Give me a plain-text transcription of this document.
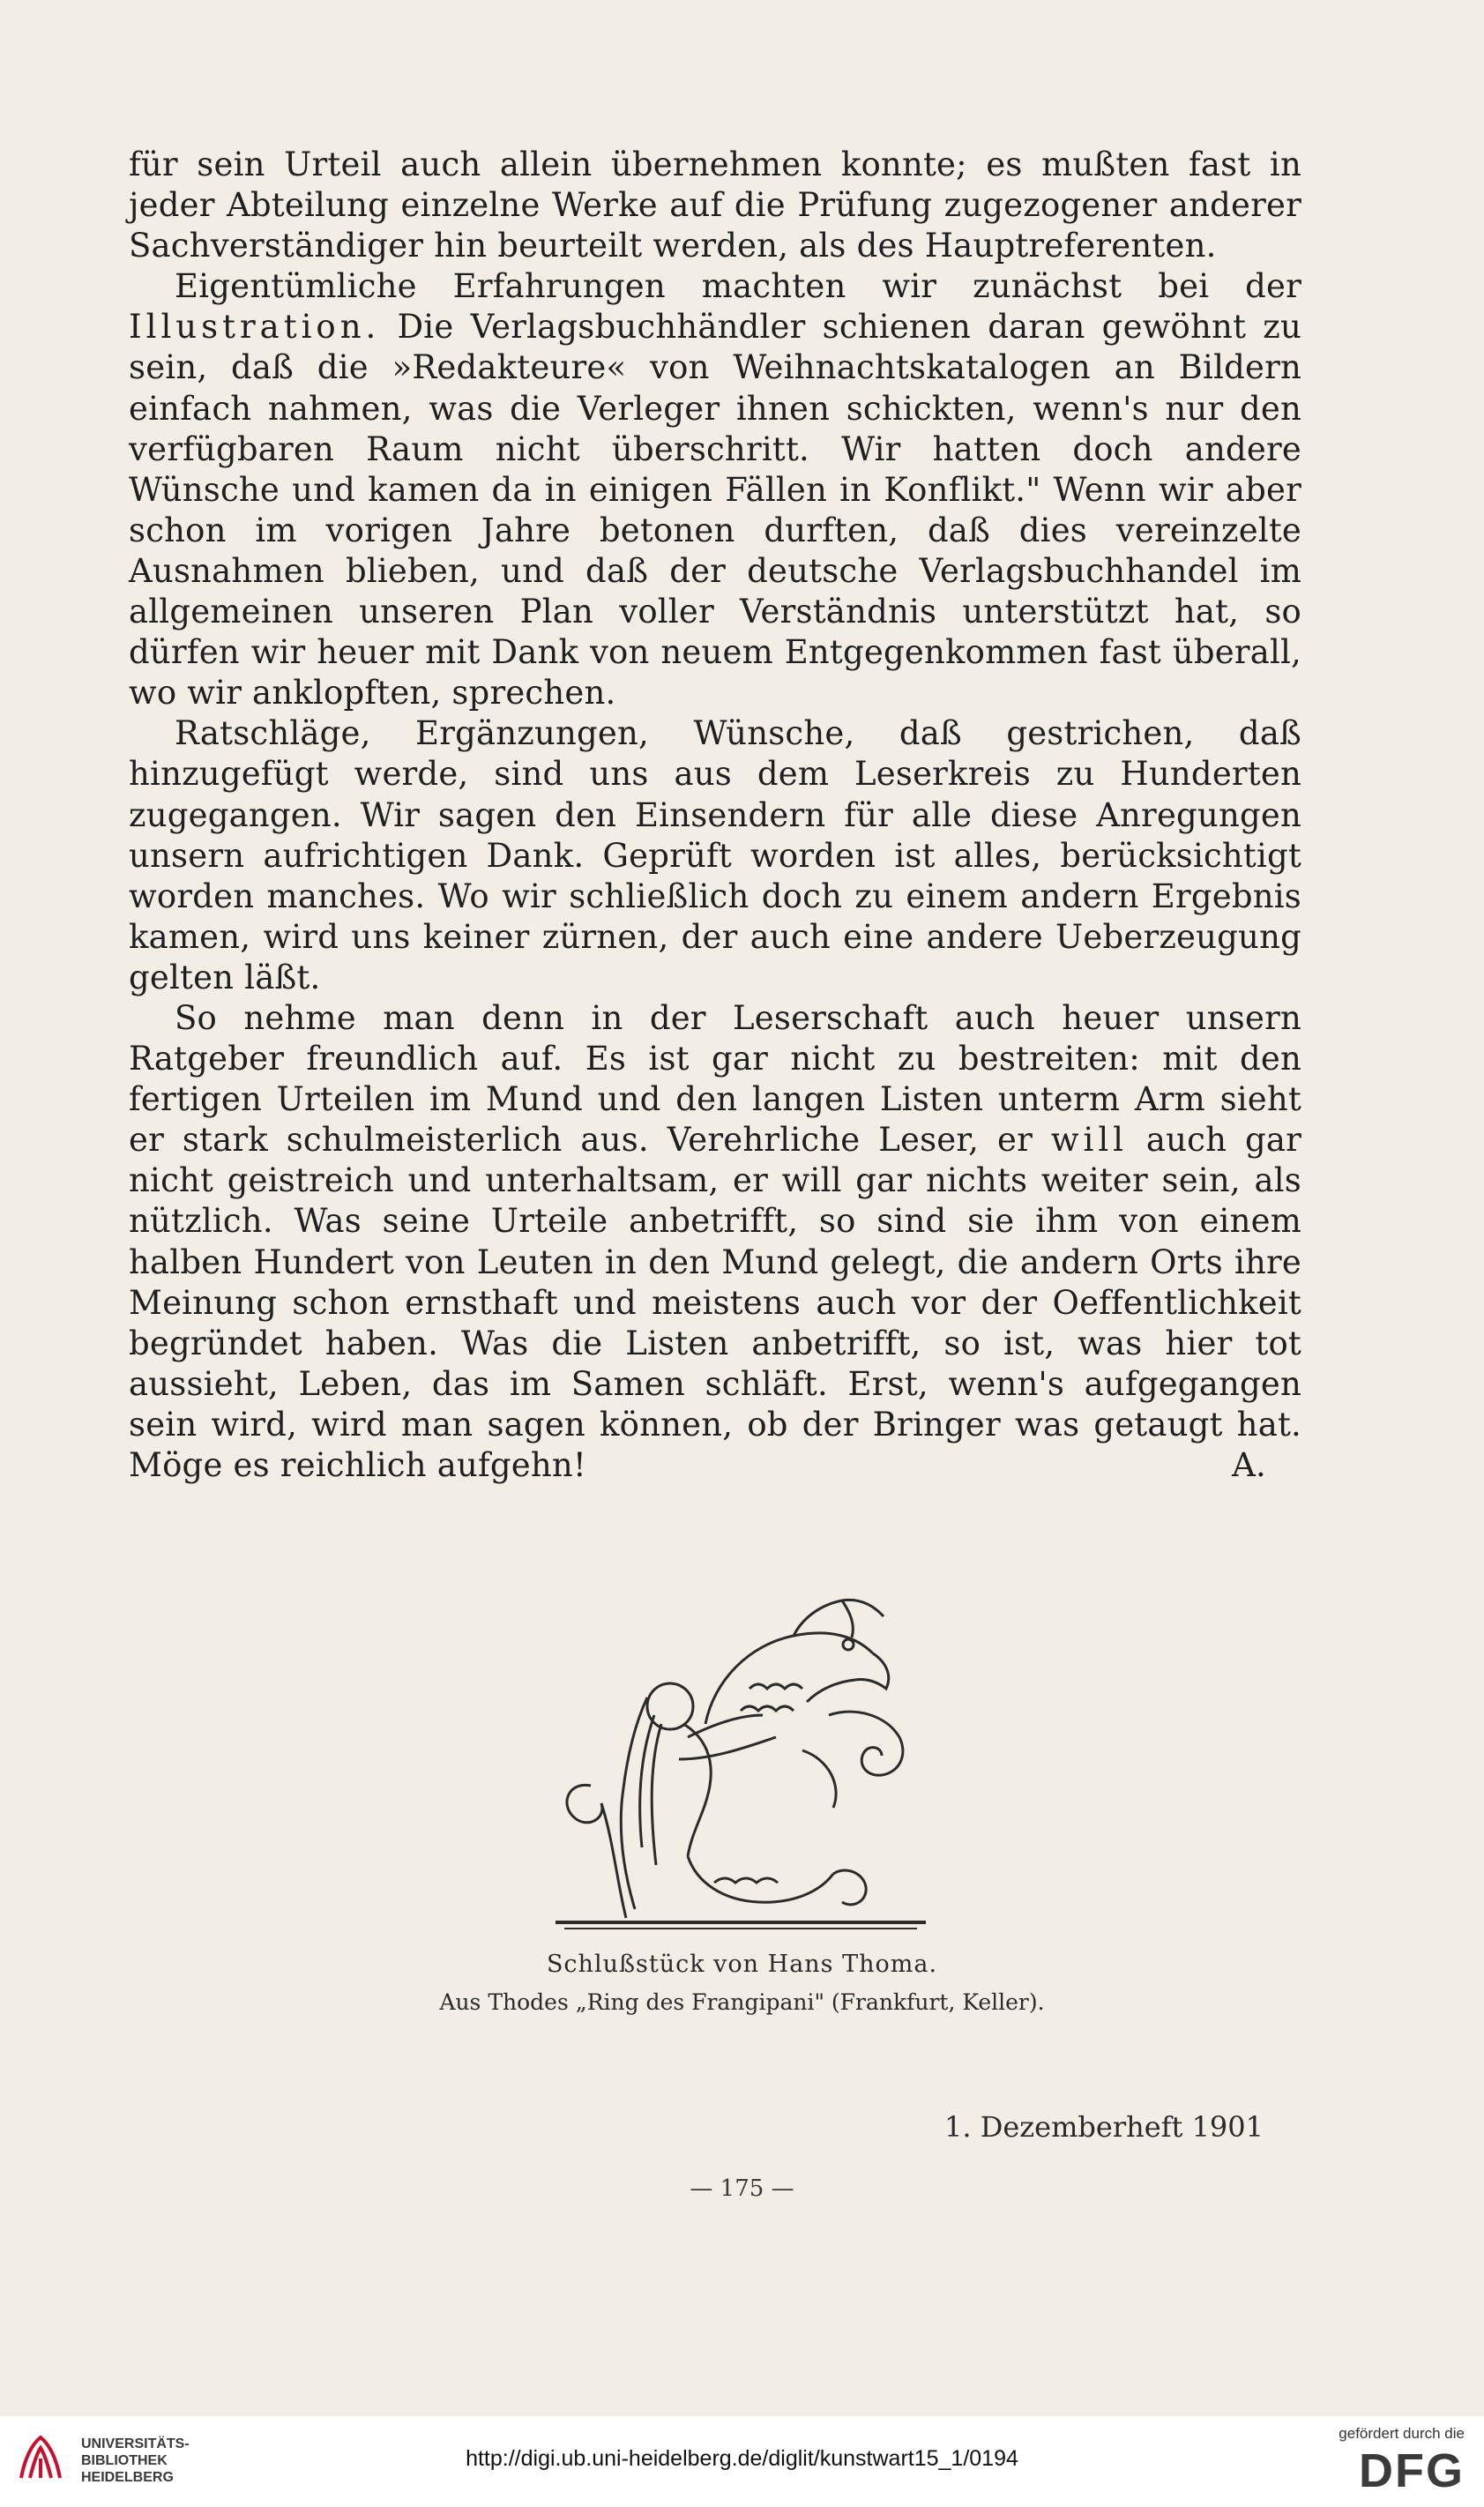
für sein Urteil auch allein übernehmen konnte; es mußten fast in jeder Abteilung einzelne Werke auf die Prüfung zugezogener anderer Sachverständiger hin beurteilt werden, als des Hauptreferenten.

Eigentümliche Erfahrungen machten wir zunächst bei der Illustration. Die Verlagsbuchhändler schienen daran gewöhnt zu sein, daß die »Redakteure« von Weihnachtskatalogen an Bildern einfach nahmen, was die Verleger ihnen schickten, wenn's nur den verfügbaren Raum nicht überschritt. Wir hatten doch andere Wünsche und kamen da in einigen Fällen in Konflikt." Wenn wir aber schon im vorigen Jahre betonen durften, daß dies vereinzelte Ausnahmen blieben, und daß der deutsche Verlagsbuchhandel im allgemeinen unseren Plan voller Verständnis unterstützt hat, so dürfen wir heuer mit Dank von neuem Entgegenkommen fast überall, wo wir anklopften, sprechen.

Ratschläge, Ergänzungen, Wünsche, daß gestrichen, daß hinzugefügt werde, sind uns aus dem Leserkreis zu Hunderten zugegangen. Wir sagen den Einsendern für alle diese Anregungen unsern aufrichtigen Dank. Geprüft worden ist alles, berücksichtigt worden manches. Wo wir schließlich doch zu einem andern Ergebnis kamen, wird uns keiner zürnen, der auch eine andere Ueberzeugung gelten läßt.

So nehme man denn in der Leserschaft auch heuer unsern Ratgeber freundlich auf. Es ist gar nicht zu bestreiten: mit den fertigen Urteilen im Mund und den langen Listen unterm Arm sieht er stark schulmeisterlich aus. Verehrliche Leser, er will auch gar nicht geistreich und unterhaltsam, er will gar nichts weiter sein, als nützlich. Was seine Urteile anbetrifft, so sind sie ihm von einem halben Hundert von Leuten in den Mund gelegt, die andern Orts ihre Meinung schon ernsthaft und meistens auch vor der Oeffentlichkeit begründet haben. Was die Listen anbetrifft, so ist, was hier tot aussieht, Leben, das im Samen schläft. Erst, wenn's aufgegangen sein wird, wird man sagen können, ob der Bringer was getaugt hat. Möge es reichlich aufgehn!	A.

Schlußstück von Hans Thoma.
Aus Thodes „Ring des Frangipani" (Frankfurt, Keller).
1. Dezemberheft 1901
— 175 —
UNIVERSITÄTS-
BIBLIOTHEK
HEIDELBERG
http://digi.ub.uni-heidelberg.de/diglit/kunstwart15_1/0194
gefördert durch die
DFG
